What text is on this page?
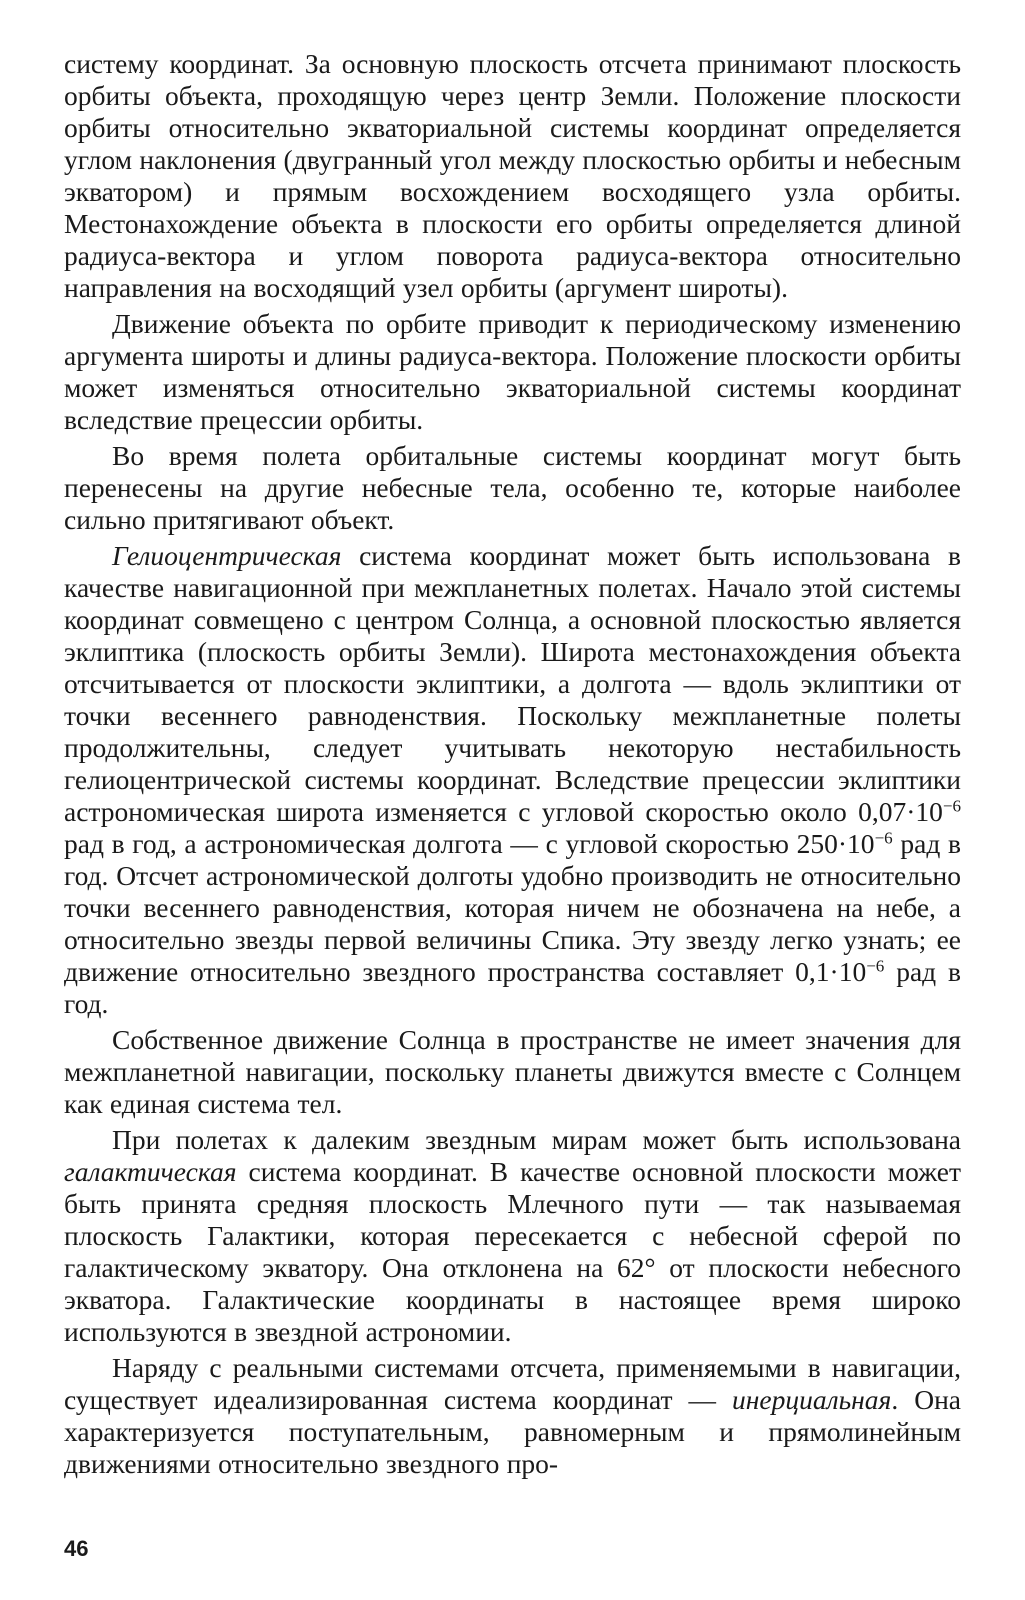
систему координат. За основную плоскость отсчета принимают плоскость орбиты объекта, проходящую через центр Земли. Положение плоскости орбиты относительно экваториальной системы координат определяется углом наклонения (двугранный угол между плоскостью орбиты и небесным экватором) и прямым восхождением восходящего узла орбиты. Местонахождение объекта в плоскости его орбиты определяется длиной радиуса-вектора и углом поворота радиуса-вектора относительно направления на восходящий узел орбиты (аргумент широты).

Движение объекта по орбите приводит к периодическому изменению аргумента широты и длины радиуса-вектора. Положение плоскости орбиты может изменяться относительно экваториальной системы координат вследствие прецессии орбиты.

Во время полета орбитальные системы координат могут быть перенесены на другие небесные тела, особенно те, которые наиболее сильно притягивают объект.

Гелиоцентрическая система координат может быть использована в качестве навигационной при межпланетных полетах. Начало этой системы координат совмещено с центром Солнца, а основной плоскостью является эклиптика (плоскость орбиты Земли). Широта местонахождения объекта отсчитывается от плоскости эклиптики, а долгота — вдоль эклиптики от точки весеннего равноденствия. Поскольку межпланетные полеты продолжительны, следует учитывать некоторую нестабильность гелиоцентрической системы координат. Вследствие прецессии эклиптики астрономическая широта изменяется с угловой скоростью около $0,07\cdot 10^{-6}$ рад в год, а астрономическая долгота — с угловой скоростью $250\cdot 10^{-6}$ рад в год. Отсчет астрономической долготы удобно производить не относительно точки весеннего равноденствия, которая ничем не обозначена на небе, а относительно звезды первой величины Спика. Эту звезду легко узнать; ее движение относительно звездного пространства составляет $0,1\cdot 10^{-6}$ рад в год.

Собственное движение Солнца в пространстве не имеет значения для межпланетной навигации, поскольку планеты движутся вместе с Солнцем как единая система тел.

При полетах к далеким звездным мирам может быть использована галактическая система координат. В качестве основной плоскости может быть принята средняя плоскость Млечного пути — так называемая плоскость Галактики, которая пересекается с небесной сферой по галактическому экватору. Она отклонена на 62° от плоскости небесного экватора. Галактические координаты в настоящее время широко используются в звездной астрономии.

Наряду с реальными системами отсчета, применяемыми в навигации, существует идеализированная система координат — инерциальная. Она характеризуется поступательным, равномерным и прямолинейным движениями относительно звездного про-

46
